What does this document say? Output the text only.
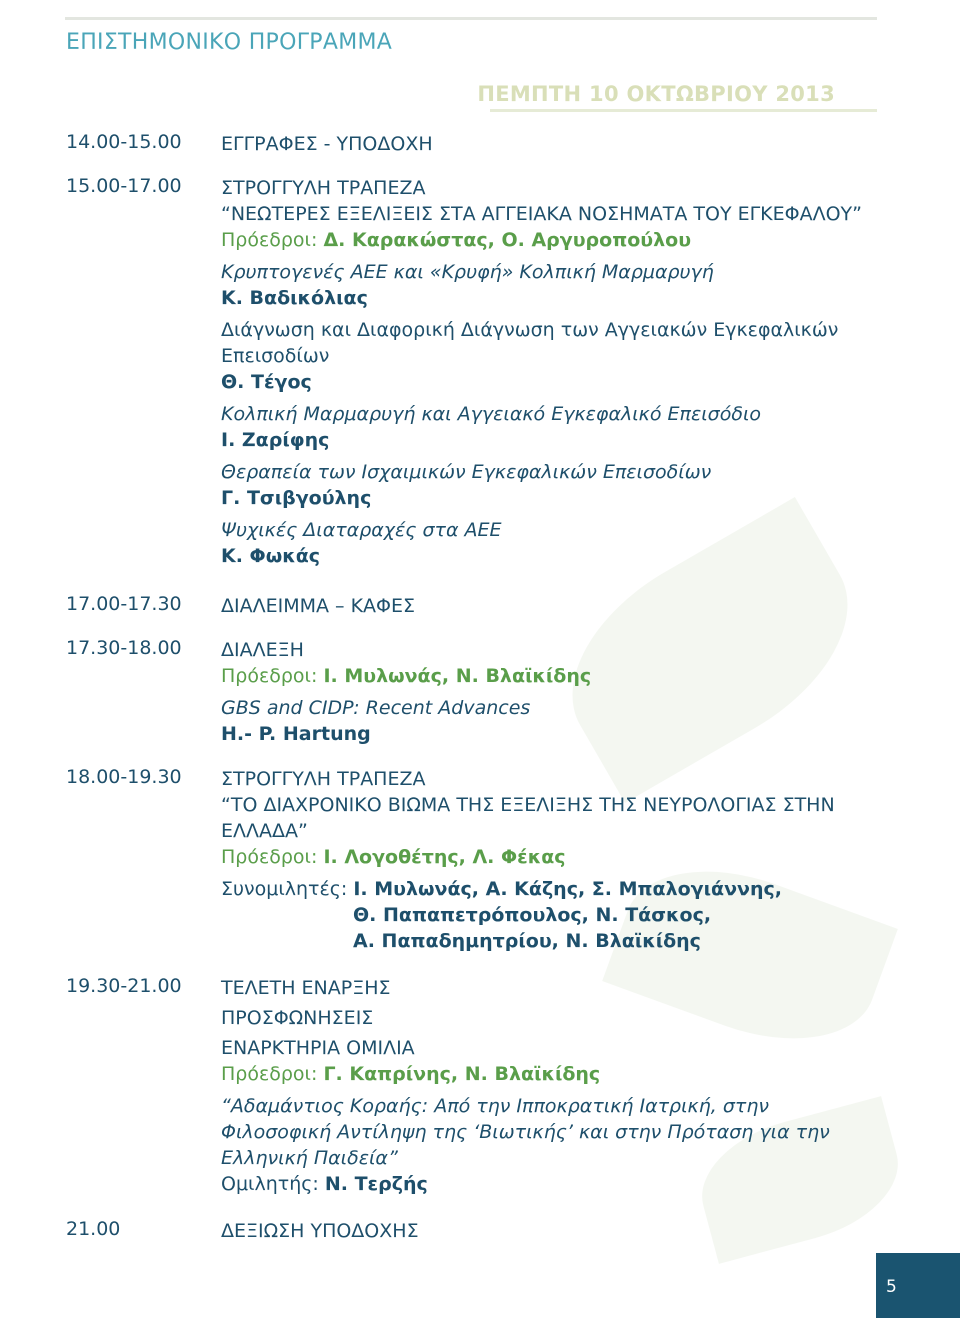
ΕΠΙΣΤΗΜΟΝΙΚΟ ΠΡΟΓΡΑΜΜΑ
ΠΕΜΠΤΗ 10 ΟΚΤΩΒΡΙΟΥ 2013
14.00-15.00	ΕΓΓΡΑΦΕΣ - ΥΠΟΔΟΧΗ
15.00-17.00	ΣΤΡΟΓΓΥΛΗ ΤΡΑΠΕΖΑ
“ΝΕΩΤΕΡΕΣ ΕΞΕΛΙΞΕΙΣ ΣΤΑ ΑΓΓΕΙΑΚΑ ΝΟΣΗΜΑΤΑ ΤΟΥ ΕΓΚΕΦΑΛΟΥ”
Πρόεδροι: Δ. Καρακώστας, Ο. Αργυροπούλου
Κρυπτογενές ΑΕΕ και «Κρυφή» Κολπική Μαρμαρυγή
Κ. Βαδικόλιας
Διάγνωση και Διαφορική Διάγνωση των Αγγειακών Εγκεφαλικών Επεισοδίων
Θ. Τέγος
Κολπική Μαρμαρυγή και Αγγειακό Εγκεφαλικό Επεισόδιο
Ι. Ζαρίφης
Θεραπεία των Ισχαιμικών Εγκεφαλικών Επεισοδίων
Γ. Τσιβγούλης
Ψυχικές Διαταραχές στα ΑΕΕ
Κ. Φωκάς
17.00-17.30	ΔΙΑΛΕΙΜΜΑ – ΚΑΦΕΣ
17.30-18.00	ΔΙΑΛΕΞΗ
Πρόεδροι: Ι. Μυλωνάς, Ν. Βλαϊκίδης
GBS and CIDP: Recent Advances
H.- P. Hartung
18.00-19.30	ΣΤΡΟΓΓΥΛΗ ΤΡΑΠΕΖΑ
“ΤΟ ΔΙΑΧΡΟΝΙΚΟ ΒΙΩΜΑ ΤΗΣ ΕΞΕΛΙΞΗΣ ΤΗΣ ΝΕΥΡΟΛΟΓΙΑΣ ΣΤΗΝ ΕΛΛΑΔΑ”
Πρόεδροι: Ι. Λογοθέτης, Λ. Φέκας
Συνομιλητές: Ι. Μυλωνάς, Α. Κάζης, Σ. Μπαλογιάννης,
Θ. Παπαπετρόπουλος, Ν. Τάσκος,
Α. Παπαδημητρίου, Ν. Βλαϊκίδης
19.30-21.00	ΤΕΛΕΤΗ ΕΝΑΡΞΗΣ
ΠΡΟΣΦΩΝΗΣΕΙΣ
ΕΝΑΡΚΤΗΡΙΑ ΟΜΙΛΙΑ
Πρόεδροι: Γ. Καπρίνης, Ν. Βλαϊκίδης
“Αδαμάντιος Κοραής: Από την Ιπποκρατική Ιατρική, στην Φιλοσοφική Αντίληψη της ‘Βιωτικής’ και στην Πρόταση για την Ελληνική Παιδεία”
Ομιλητής: Ν. Τερζής
21.00	ΔΕΞΙΩΣΗ ΥΠΟΔΟΧΗΣ
5
